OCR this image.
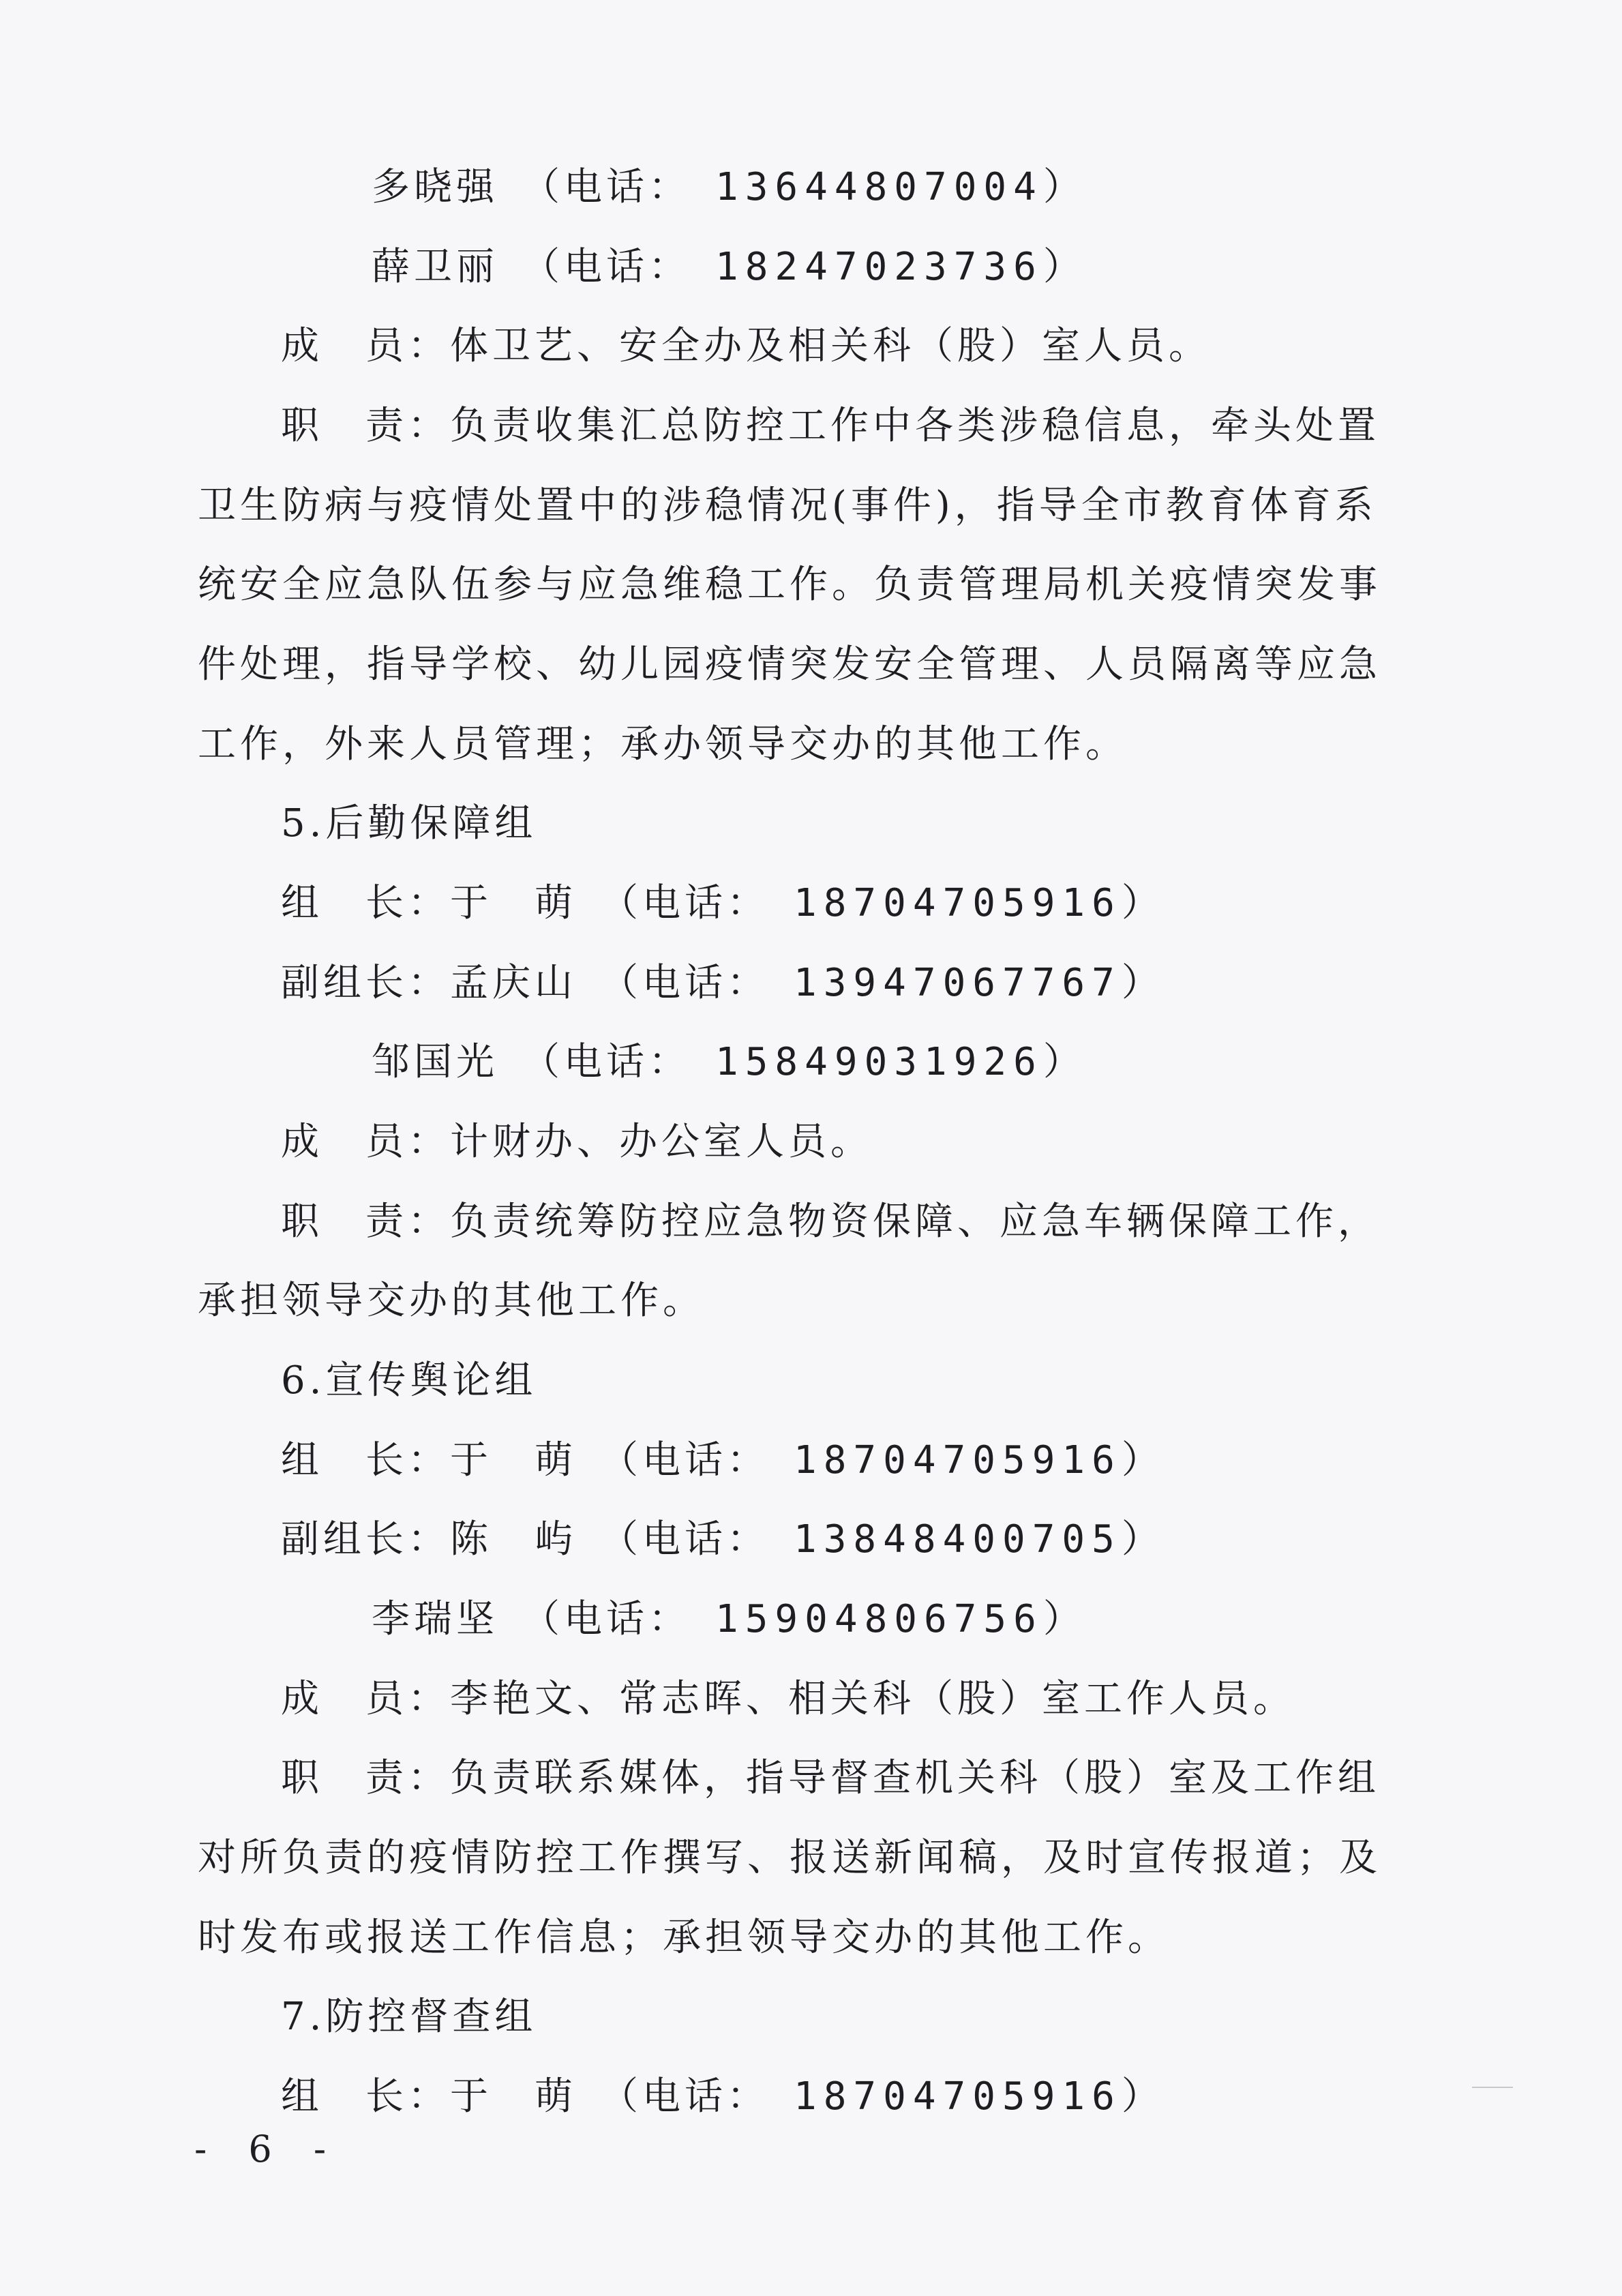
多晓强 （电话： 13644807004）
薛卫丽 （电话： 18247023736）
成　员：体卫艺、安全办及相关科（股）室人员。
职　责：负责收集汇总防控工作中各类涉稳信息，牵头处置
卫生防病与疫情处置中的涉稳情况(事件)，指导全市教育体育系
统安全应急队伍参与应急维稳工作。负责管理局机关疫情突发事
件处理，指导学校、幼儿园疫情突发安全管理、人员隔离等应急
工作，外来人员管理；承办领导交办的其他工作。
5.后勤保障组
组　长：于　萌 （电话： 18704705916）
副组长：孟庆山 （电话： 13947067767）
邹国光 （电话： 15849031926）
成　员：计财办、办公室人员。
职　责：负责统筹防控应急物资保障、应急车辆保障工作，
承担领导交办的其他工作。
6.宣传舆论组
组　长：于　萌 （电话： 18704705916）
副组长：陈　屿 （电话： 13848400705）
李瑞坚 （电话： 15904806756）
成　员：李艳文、常志晖、相关科（股）室工作人员。
职　责：负责联系媒体，指导督查机关科（股）室及工作组
对所负责的疫情防控工作撰写、报送新闻稿，及时宣传报道；及
时发布或报送工作信息；承担领导交办的其他工作。
7.防控督查组
组　长：于　萌 （电话： 18704705916）
- 6 -
